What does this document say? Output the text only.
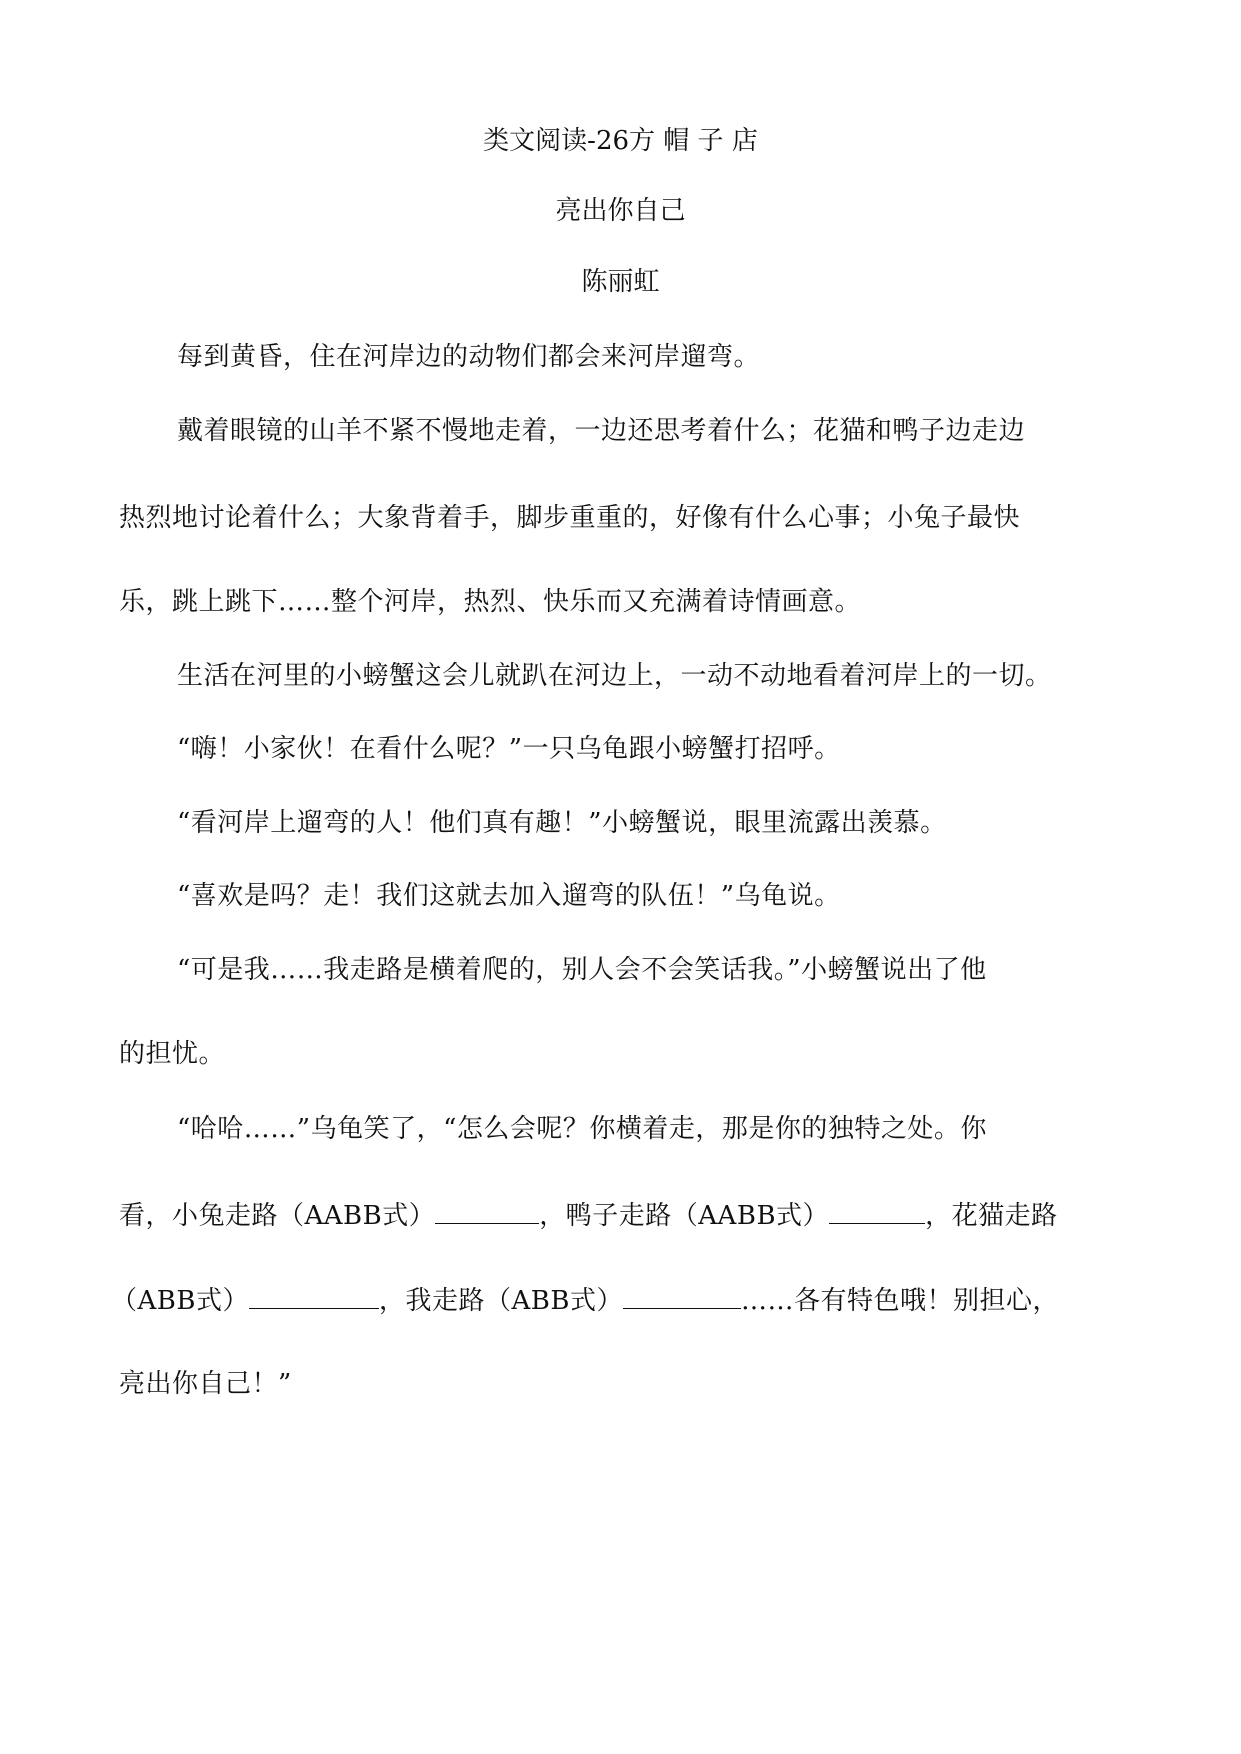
类文阅读-26方 帽 子 店
亮出你自己
陈丽虹
每到黄昏，住在河岸边的动物们都会来河岸遛弯。
戴着眼镜的山羊不紧不慢地走着，一边还思考着什么；花猫和鸭子边走边
热烈地讨论着什么；大象背着手，脚步重重的，好像有什么心事；小兔子最快
乐，跳上跳下……整个河岸，热烈、快乐而又充满着诗情画意。
生活在河里的小螃蟹这会儿就趴在河边上，一动不动地看着河岸上的一切。
“嗨！小家伙！在看什么呢？”一只乌龟跟小螃蟹打招呼。
“看河岸上遛弯的人！他们真有趣！”小螃蟹说，眼里流露出羡慕。
“喜欢是吗？走！我们这就去加入遛弯的队伍！”乌龟说。
“可是我……我走路是横着爬的，别人会不会笑话我。”小螃蟹说出了他
的担忧。
“哈哈……”乌龟笑了，“怎么会呢？你横着走，那是你的独特之处。你
看，小兔走路（AABB式）	，鸭子走路（AABB式）	，花猫走路
（ABB式）	，我走路（ABB式）	……各有特色哦！别担心，
亮出你自己！”
